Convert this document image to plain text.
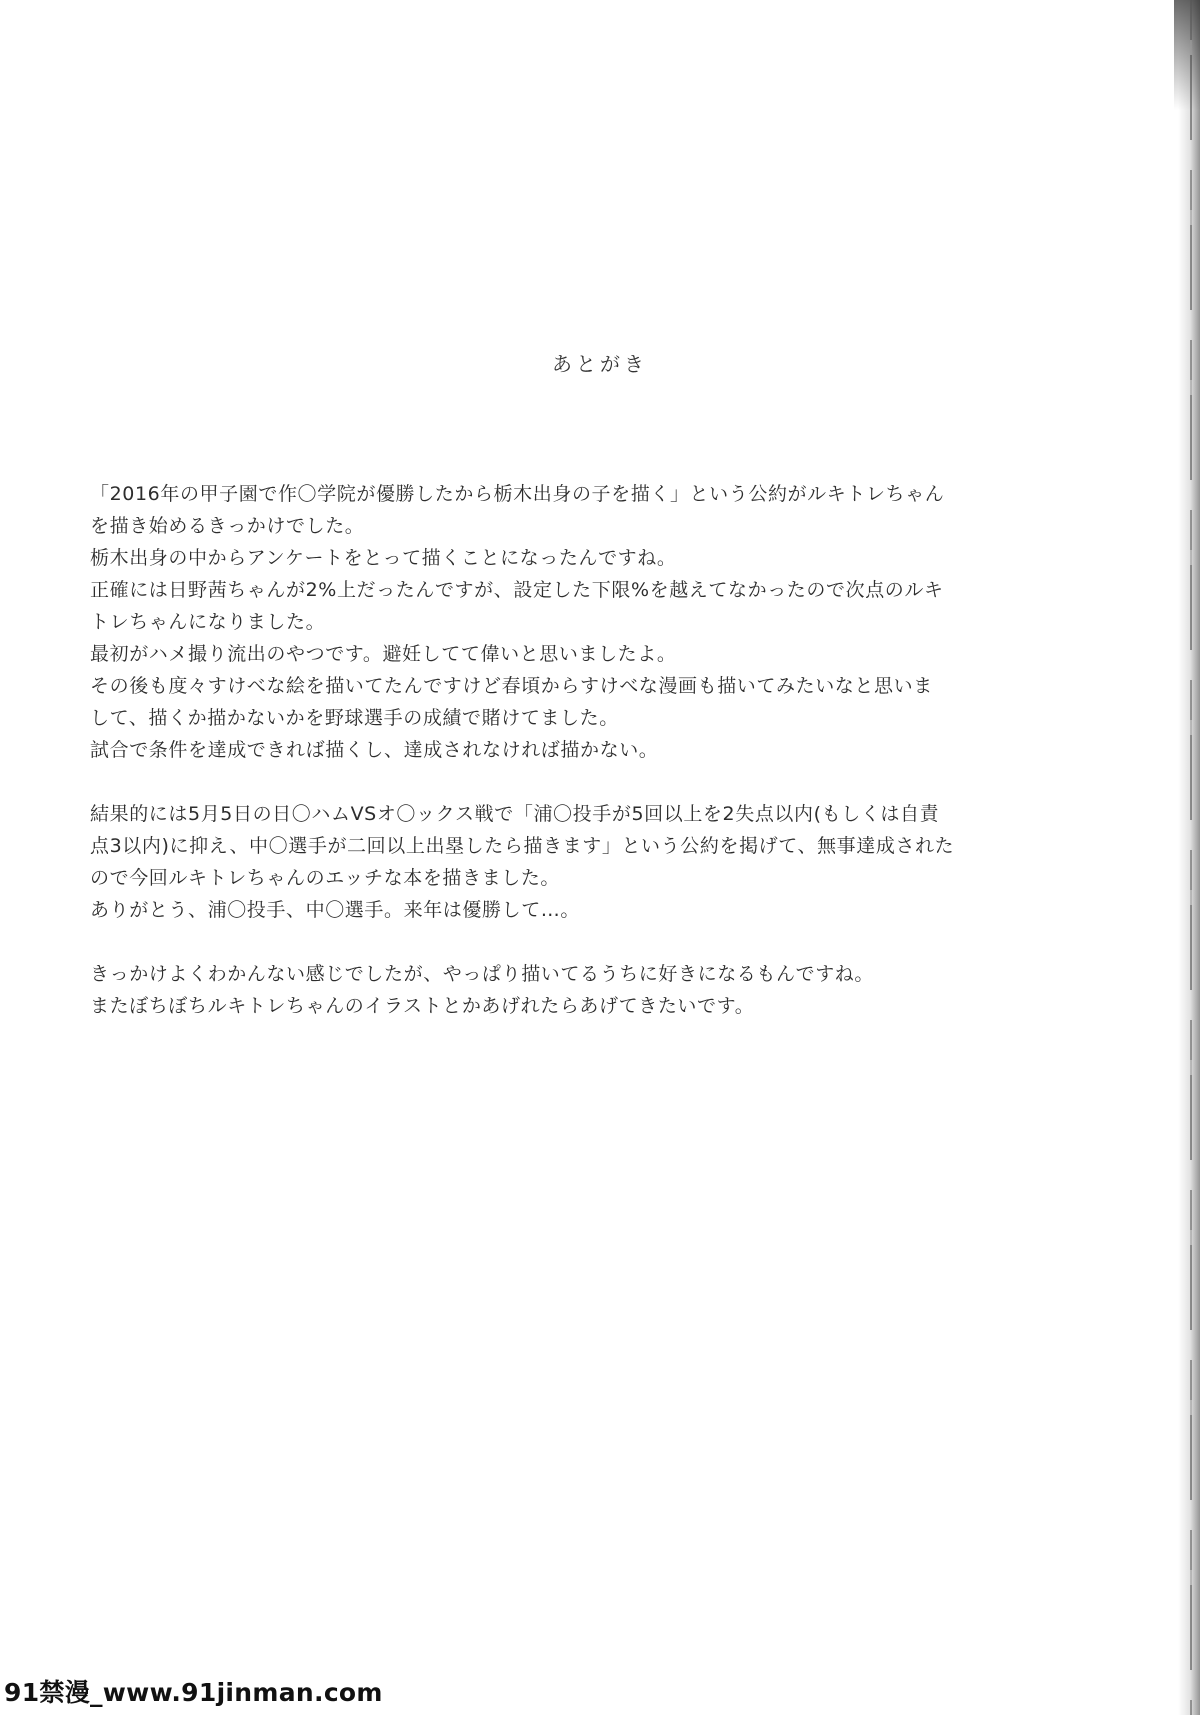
あとがき
「2016年の甲子園で作〇学院が優勝したから栃木出身の子を描く」という公約がルキトレちゃん
を描き始めるきっかけでした。
栃木出身の中からアンケートをとって描くことになったんですね。
正確には日野茜ちゃんが2%上だったんですが、設定した下限%を越えてなかったので次点のルキ
トレちゃんになりました。
最初がハメ撮り流出のやつです。避妊してて偉いと思いましたよ。
その後も度々すけべな絵を描いてたんですけど春頃からすけべな漫画も描いてみたいなと思いま
して、描くか描かないかを野球選手の成績で賭けてました。
試合で条件を達成できれば描くし、達成されなければ描かない。
結果的には5月5日の日〇ハムVSオ〇ックス戦で「浦〇投手が5回以上を2失点以内(もしくは自責
点3以内)に抑え、中〇選手が二回以上出塁したら描きます」という公約を掲げて、無事達成された
ので今回ルキトレちゃんのエッチな本を描きました。
ありがとう、浦〇投手、中〇選手。来年は優勝して…。
きっかけよくわかんない感じでしたが、やっぱり描いてるうちに好きになるもんですね。
またぼちぼちルキトレちゃんのイラストとかあげれたらあげてきたいです。
91禁漫_www.91jinman.com
